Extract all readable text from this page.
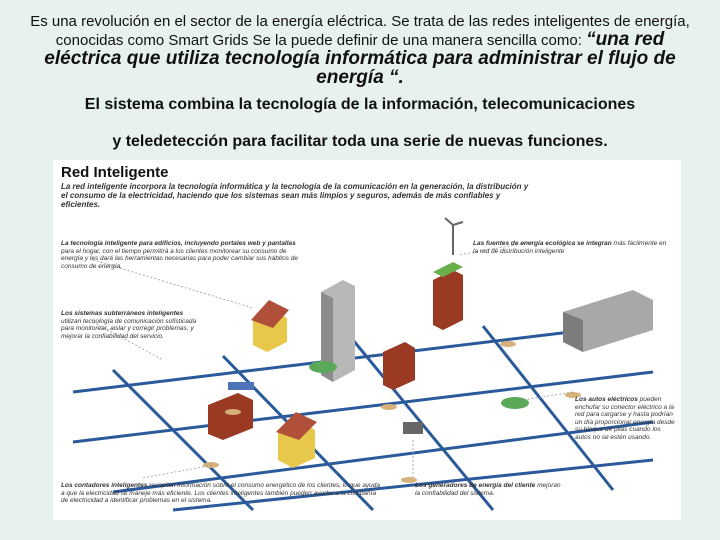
Es una revolución en el sector de la energía eléctrica. Se trata de las redes inteligentes de energía, conocidas como Smart Grids Se la puede definir de una manera sencilla como: “una red eléctrica que utiliza tecnología informática para administrar el flujo de energía “.
El sistema combina la tecnología de la información, telecomunicaciones
y teledetección para facilitar toda una serie de nuevas funciones.
Red Inteligente
La red inteligente incorpora la tecnología informática y la tecnología de la comunicación en la generación, la distribución y el consumo de la electricidad, haciendo que los sistemas sean más limpios y seguros, además de más confiables y eficientes.
La tecnología inteligente para edificios, incluyendo portales web y pantallas para el hogar, con el tiempo permitirá a los clientes monitorear su consumo de energía y les dará las herramientas necesarias para poder cambiar sus hábitos de consumo de energía.
Las fuentes de energía ecológica se integran más fácilmente en la red de distribución inteligente
Los sistemas subterráneos inteligentes utilizan tecnología de comunicación sofisticada para monitorear, aislar y corregir problemas, y mejorar la confiabilidad del servicio.
Los autos eléctricos pueden enchufar su conector eléctrico a la red para cargarse y hasta podrían un día proporcionar energía desde su bloque de pilas cuando los autos no se estén usando.
Los contadores inteligentes recopilan información sobre el consumo energético de los clientes, lo que ayuda a que la electricidad se maneje más eficiente. Los clientes inteligentes también pueden ayudar a la compañía de electricidad a identificar problemas en el sistema.
Los generadores de energía del cliente mejoran la confiabilidad del sistema.
